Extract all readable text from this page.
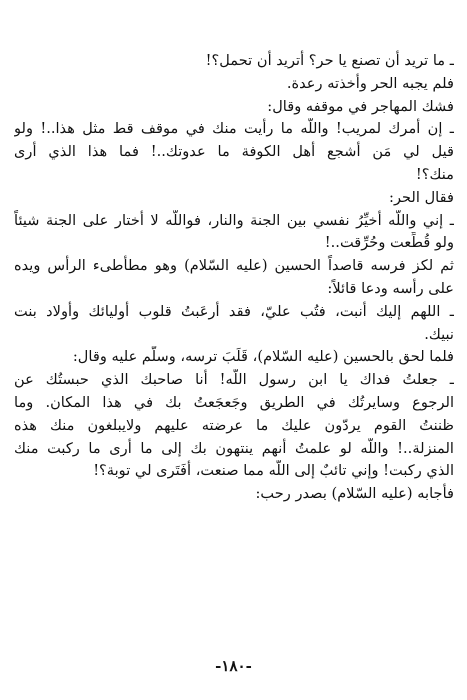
ـ ما تريد أن تصنع يا حر؟ أتريد أن تحمل؟!
فلم يجبه الحر وأخذته رعدة.
فشك المهاجر في موقفه وقال:
ـ إن أمرك لمريب! واللّه ما رأيت منك في موقف قط مثل هذا..! ولو
قيل لي مَن أشجع أهل الكوفة ما عدوتك..! فما هذا الذي أرى
منك؟!
فقال الحر:
ـ إني واللّه أخيِّرُ نفسي بين الجنة والنار، فواللّه لا أختار على الجنة شيئاً
ولو قُطِّعت وحُرِّقت..!
ثم لكز فرسه قاصداً الحسين (عليه السّلام) وهو مطأطىء الرأس ويده
على رأسه ودعا قائلاً:
ـ اللهم إليك أنبت، فتُب عليّ، فقد أرعَبتُ قلوب أوليائك وأولاد بنت
نبيك.
فلما لحق بالحسين (عليه السّلام)، قَلَبَ ترسه، وسلَّم عليه وقال:
ـ جعلتُ فداك يا ابن رسول اللّه! أنا صاحبك الذي حبستُك عن
الرجوع وسايرتُك في الطريق وجَعجَعتُ بك في هذا المكان. وما
ظننتُ القوم يردّون عليك ما عرضته عليهم ولايبلغون منك هذه
المنزلة..! واللّه لو علمتُ أنهم ينتهون بك إلى ما أرى ما ركبت منك
الذي ركبت! وإني تائبٌ إلى اللّه مما صنعت، أفَتَرى لي توبة؟!
فأجابه (عليه السّلام) بصدر رحب:
-١٨٠-
